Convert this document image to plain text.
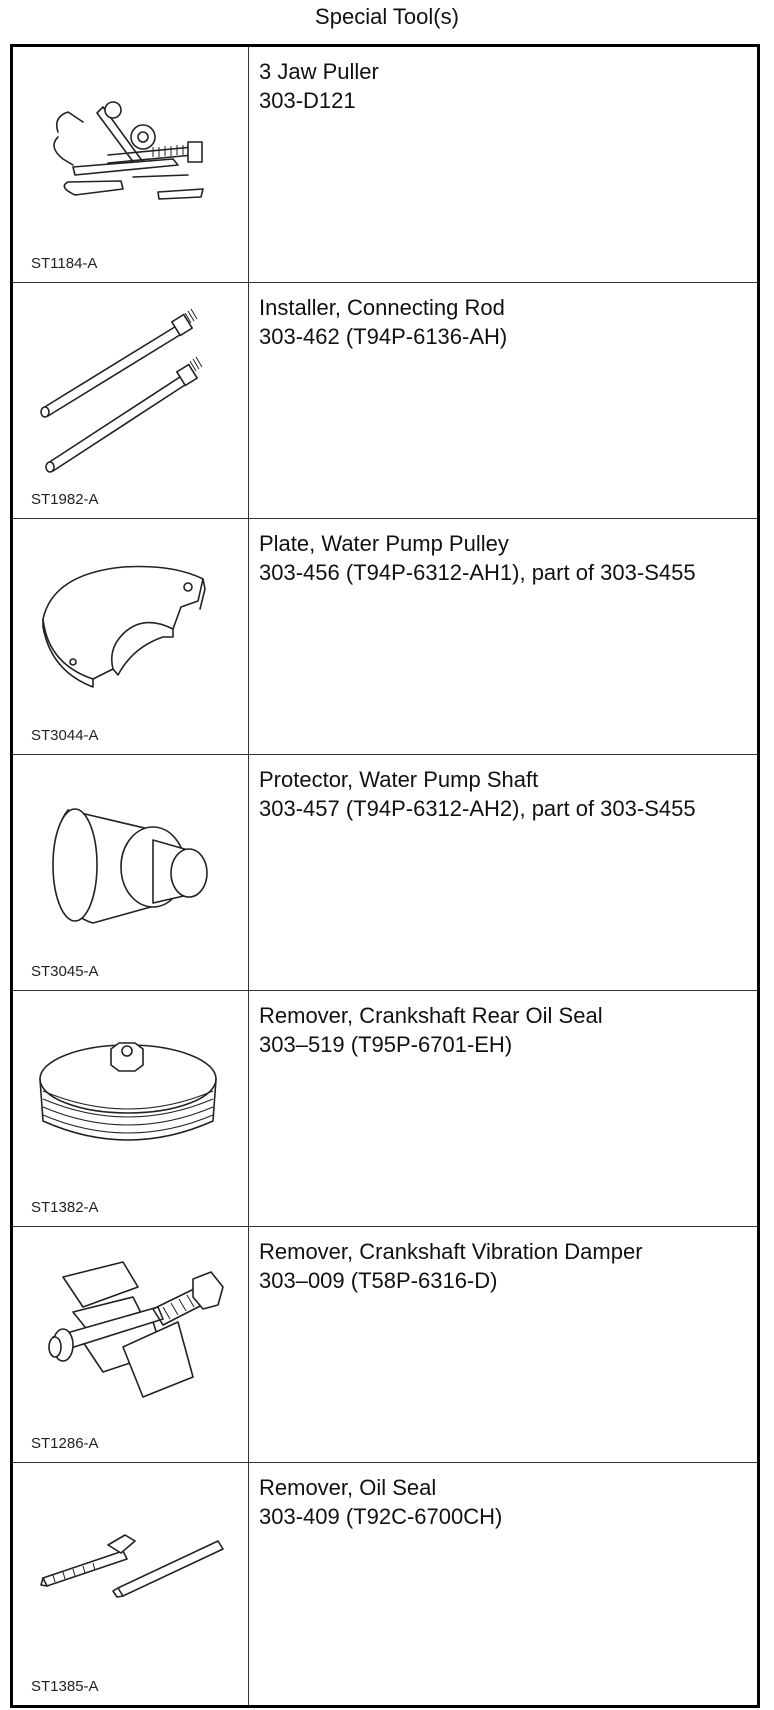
Special Tool(s)
ST1184-A
3 Jaw Puller
303-D121
ST1982-A
Installer, Connecting Rod
303-462 (T94P-6136-AH)
ST3044-A
Plate, Water Pump Pulley
303-456 (T94P-6312-AH1), part of 303-S455
ST3045-A
Protector, Water Pump Shaft
303-457 (T94P-6312-AH2), part of 303-S455
ST1382-A
Remover, Crankshaft Rear Oil Seal
303–519 (T95P-6701-EH)
ST1286-A
Remover, Crankshaft Vibration Damper
303–009 (T58P-6316-D)
ST1385-A
Remover, Oil Seal
303-409 (T92C-6700CH)
